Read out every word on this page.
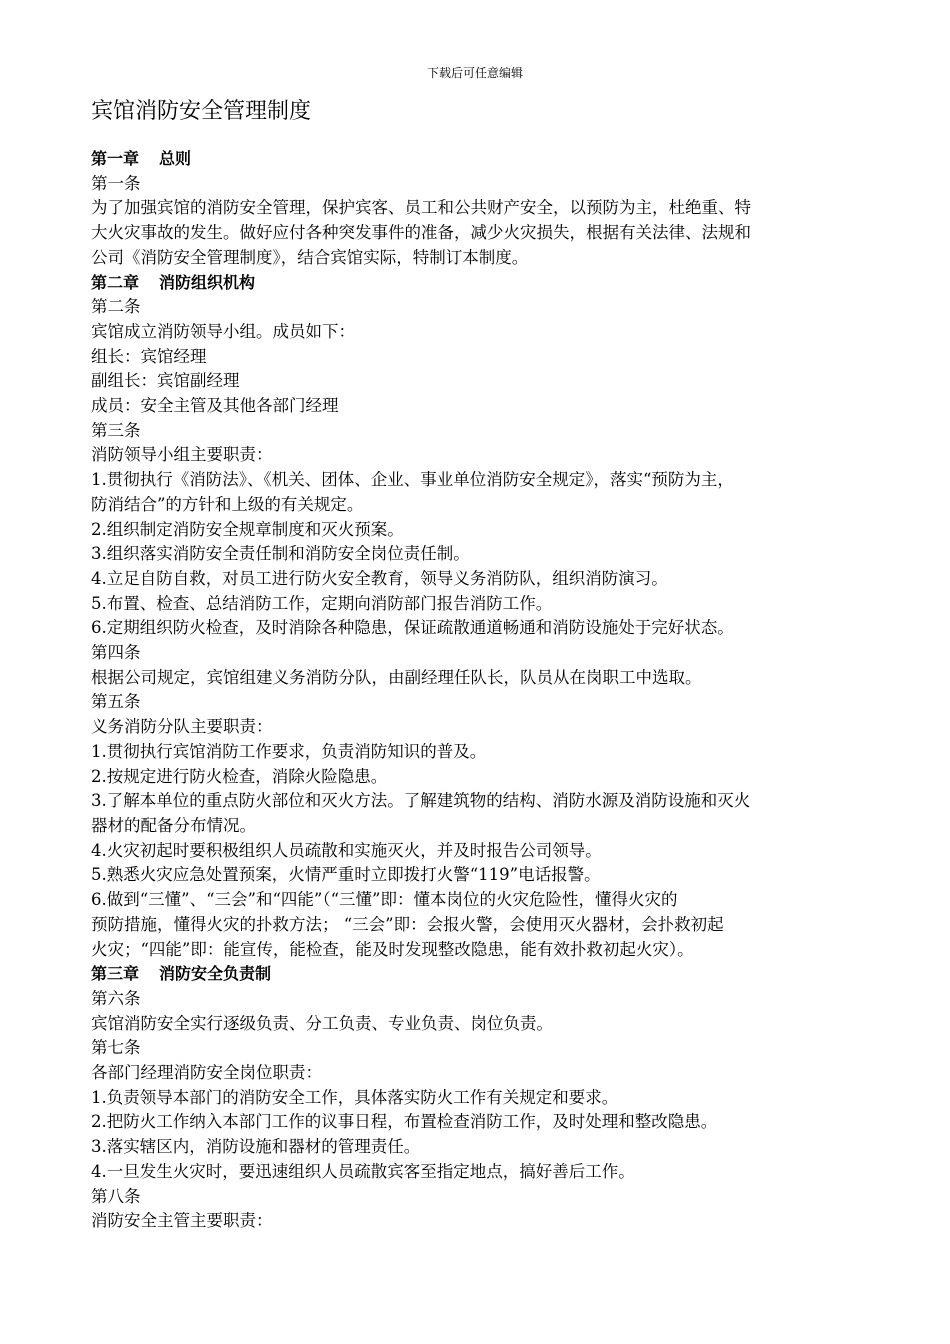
下载后可任意编辑
宾馆消防安全管理制度

第一章 总则

第一条

为了加强宾馆的消防安全管理，保护宾客、员工和公共财产安全，以预防为主，杜绝重、特

大火灾事故的发生。做好应付各种突发事件的准备，减少火灾损失，根据有关法律、法规和

公司《消防安全管理制度》，结合宾馆实际，特制订本制度。

第二章 消防组织机构

第二条

宾馆成立消防领导小组。成员如下：

组长：宾馆经理

副组长：宾馆副经理

成员：安全主管及其他各部门经理

第三条

消防领导小组主要职责：

1.贯彻执行《消防法》、《机关、团体、企业、事业单位消防安全规定》，落实“预防为主，

防消结合”的方针和上级的有关规定。

2.组织制定消防安全规章制度和灭火预案。

3.组织落实消防安全责任制和消防安全岗位责任制。

4.立足自防自救，对员工进行防火安全教育，领导义务消防队，组织消防演习。

5.布置、检查、总结消防工作，定期向消防部门报告消防工作。

6.定期组织防火检查，及时消除各种隐患，保证疏散通道畅通和消防设施处于完好状态。

第四条

根据公司规定，宾馆组建义务消防分队，由副经理任队长，队员从在岗职工中选取。

第五条

义务消防分队主要职责：

1.贯彻执行宾馆消防工作要求，负责消防知识的普及。

2.按规定进行防火检查，消除火险隐患。

3.了解本单位的重点防火部位和灭火方法。了解建筑物的结构、消防水源及消防设施和灭火

器材的配备分布情况。

4.火灾初起时要积极组织人员疏散和实施灭火，并及时报告公司领导。

5.熟悉火灾应急处置预案，火情严重时立即拨打火警“119”电话报警。

6.做到“三懂”、“三会”和“四能”（“三懂”即：懂本岗位的火灾危险性，懂得火灾的

预防措施，懂得火灾的扑救方法； “三会”即：会报火警，会使用灭火器材，会扑救初起

火灾；“四能”即：能宣传，能检查，能及时发现整改隐患，能有效扑救初起火灾）。

第三章 消防安全负责制

第六条

宾馆消防安全实行逐级负责、分工负责、专业负责、岗位负责。

第七条

各部门经理消防安全岗位职责：

1.负责领导本部门的消防安全工作，具体落实防火工作有关规定和要求。

2.把防火工作纳入本部门工作的议事日程，布置检查消防工作，及时处理和整改隐患。

3.落实辖区内，消防设施和器材的管理责任。

4.一旦发生火灾时，要迅速组织人员疏散宾客至指定地点，搞好善后工作。

第八条

消防安全主管主要职责：
